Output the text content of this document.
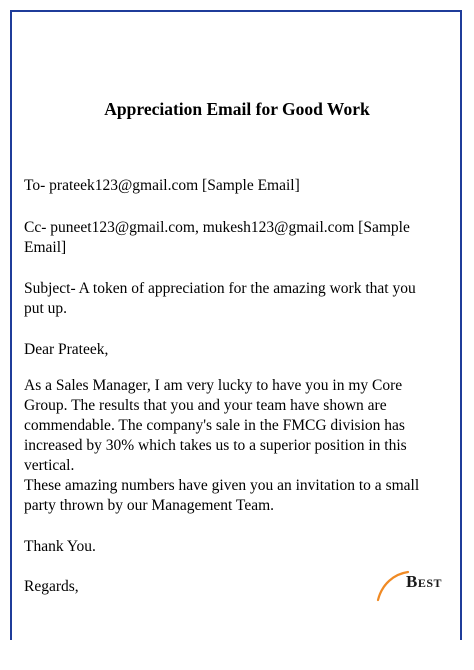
Appreciation Email for Good Work
To- prateek123@gmail.com [Sample Email]
Cc- puneet123@gmail.com, mukesh123@gmail.com [Sample
Email]
Subject- A token of appreciation for the amazing work that you
put up.
Dear Prateek,
As a Sales Manager, I am very lucky to have you in my Core
Group. The results that you and your team have shown are
commendable. The company's sale in the FMCG division has
increased by 30% which takes us to a superior position in this
vertical.
These amazing numbers have given you an invitation to a small
party thrown by our Management Team.
Thank You.
Regards,	BEST
